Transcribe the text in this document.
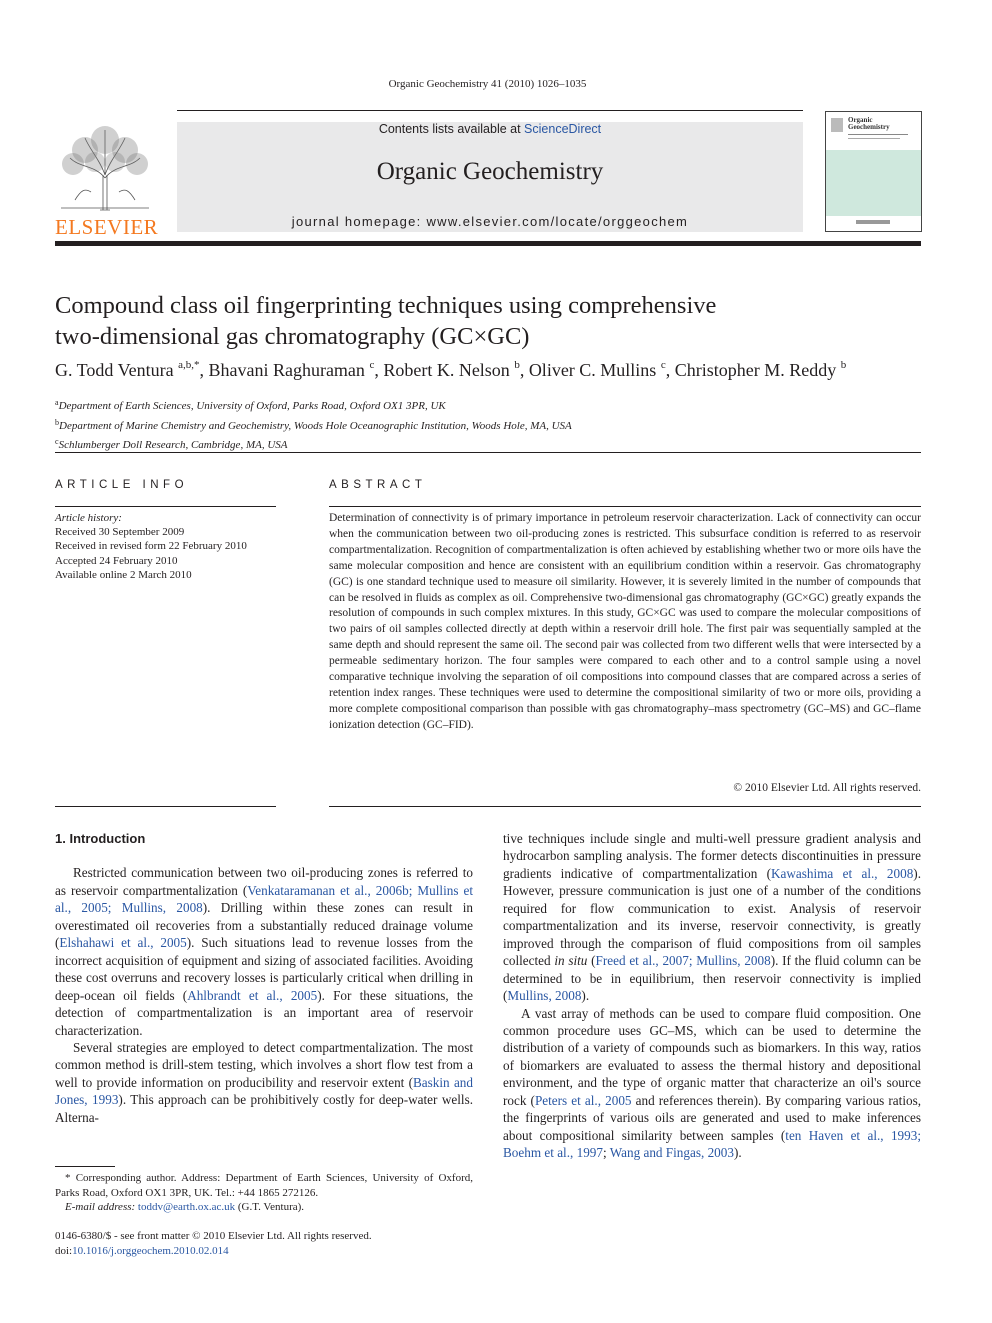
Organic Geochemistry 41 (2010) 1026–1035
ELSEVIER
Contents lists available at ScienceDirect
Organic Geochemistry
journal homepage: www.elsevier.com/locate/orggeochem
Organic
Geochemistry
Compound class oil fingerprinting techniques using comprehensive
two-dimensional gas chromatography (GC×GC)
G. Todd Ventura $^{a,b,*}$, Bhavani Raghuraman $^c$, Robert K. Nelson $^b$, Oliver C. Mullins $^c$, Christopher M. Reddy $^b$
$^a$Department of Earth Sciences, University of Oxford, Parks Road, Oxford OX1 3PR, UK
$^b$Department of Marine Chemistry and Geochemistry, Woods Hole Oceanographic Institution, Woods Hole, MA, USA
$^c$Schlumberger Doll Research, Cambridge, MA, USA
ARTICLE INFO
Article history:
Received 30 September 2009
Received in revised form 22 February 2010
Accepted 24 February 2010
Available online 2 March 2010
ABSTRACT
Determination of connectivity is of primary importance in petroleum reservoir characterization. Lack of connectivity can occur when the communication between two oil-producing zones is restricted. This subsurface condition is referred to as reservoir compartmentalization. Recognition of compartmentalization is often achieved by establishing whether two or more oils have the same molecular composition and hence are consistent with an equilibrium condition within a reservoir. Gas chromatography (GC) is one standard technique used to measure oil similarity. However, it is severely limited in the number of compounds that can be resolved in fluids as complex as oil. Comprehensive two-dimensional gas chromatography (GC×GC) greatly expands the resolution of compounds in such complex mixtures. In this study, GC×GC was used to compare the molecular compositions of two pairs of oil samples collected directly at depth within a reservoir drill hole. The first pair was sequentially sampled at the same depth and should represent the same oil. The second pair was collected from two different wells that were intersected by a permeable sedimentary horizon. The four samples were compared to each other and to a control sample using a novel comparative technique involving the separation of oil compositions into compound classes that are compared across a series of retention index ranges. These techniques were used to determine the compositional similarity of two or more oils, providing a more complete compositional comparison than possible with gas chromatography–mass spectrometry (GC–MS) and GC–flame ionization detection (GC–FID).
© 2010 Elsevier Ltd. All rights reserved.
1. Introduction

Restricted communication between two oil-producing zones is referred to as reservoir compartmentalization (Venkataramanan et al., 2006b; Mullins et al., 2005; Mullins, 2008). Drilling within these zones can result in overestimated oil recoveries from a substantially reduced drainage volume (Elshahawi et al., 2005). Such situations lead to revenue losses from the incorrect acquisition of equipment and sizing of associated facilities. Avoiding these cost overruns and recovery losses is particularly critical when drilling in deep-ocean oil fields (Ahlbrandt et al., 2005). For these situations, the detection of compartmentalization is an important area of reservoir characterization.

Several strategies are employed to detect compartmentalization. The most common method is drill-stem testing, which involves a short flow test from a well to provide information on producibility and reservoir extent (Baskin and Jones, 1993). This approach can be prohibitively costly for deep-water wells. Alterna-

* Corresponding author. Address: Department of Earth Sciences, University of Oxford, Parks Road, Oxford OX1 3PR, UK. Tel.: +44 1865 272126.

E-mail address: toddv@earth.ox.ac.uk (G.T. Ventura).

0146-6380/$ - see front matter © 2010 Elsevier Ltd. All rights reserved.

doi:10.1016/j.orggeochem.2010.02.014

tive techniques include single and multi-well pressure gradient analysis and hydrocarbon sampling analysis. The former detects discontinuities in pressure gradients indicative of compartmentalization (Kawashima et al., 2008). However, pressure communication is just one of a number of the conditions required for flow communication to exist. Analysis of reservoir compartmentalization and its inverse, reservoir connectivity, is greatly improved through the comparison of fluid compositions from oil samples collected in situ (Freed et al., 2007; Mullins, 2008). If the fluid column can be determined to be in equilibrium, then reservoir connectivity is implied (Mullins, 2008).

A vast array of methods can be used to compare fluid composition. One common procedure uses GC–MS, which can be used to determine the distribution of a variety of compounds such as biomarkers. In this way, ratios of biomarkers are evaluated to assess the thermal history and depositional environment, and the type of organic matter that characterize an oil's source rock (Peters et al., 2005 and references therein). By comparing various ratios, the fingerprints of various oils are generated and used to make inferences about compositional similarity between samples (ten Haven et al., 1993; Boehm et al., 1997; Wang and Fingas, 2003).
